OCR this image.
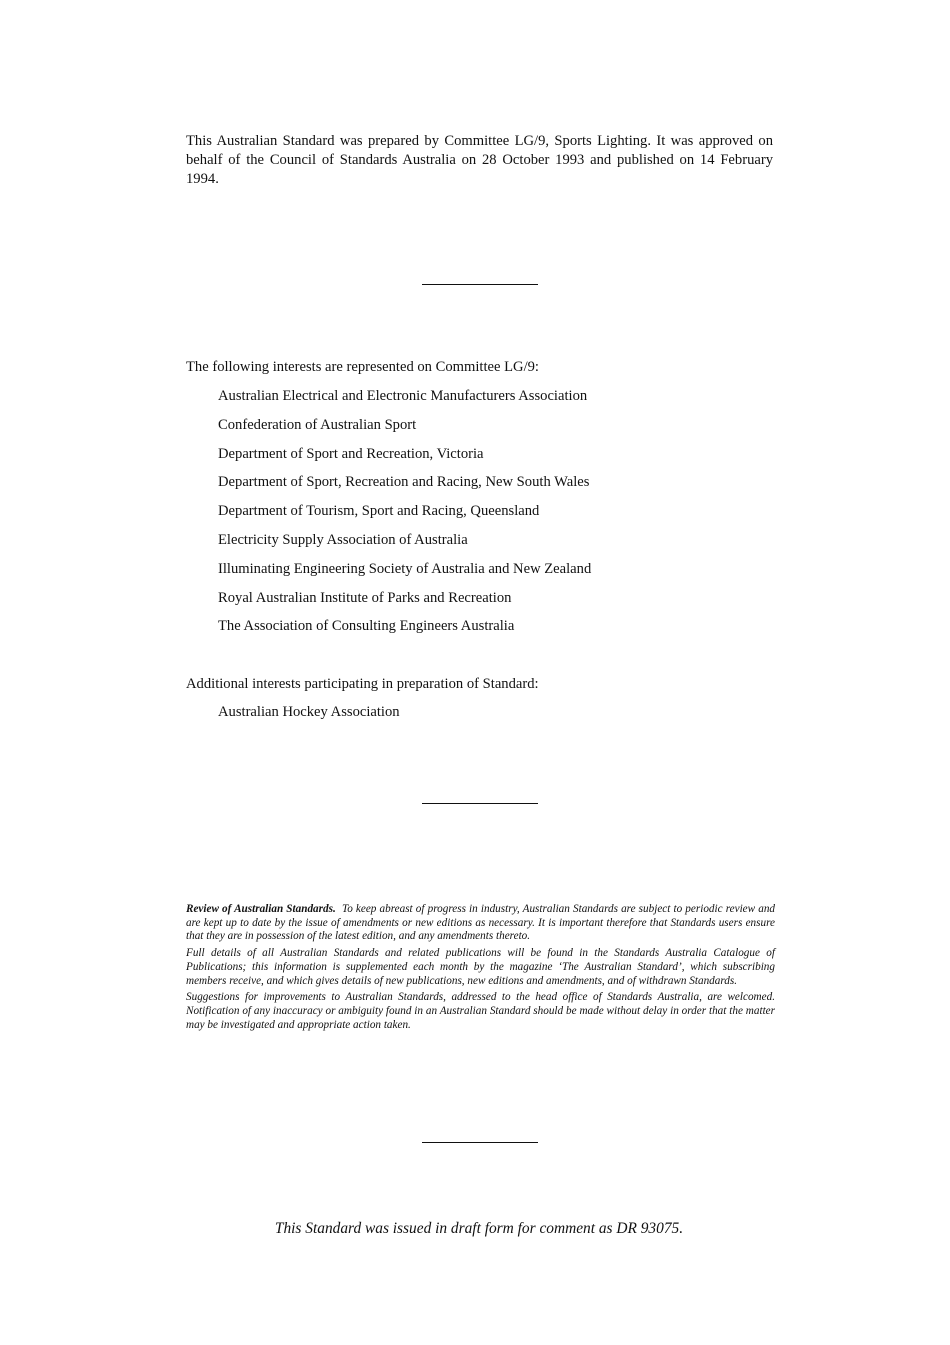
This Australian Standard was prepared by Committee LG/9, Sports Lighting. It was approved on behalf of the Council of Standards Australia on 28 October 1993 and published on 14 February 1994.
The following interests are represented on Committee LG/9:
Australian Electrical and Electronic Manufacturers Association
Confederation of Australian Sport
Department of Sport and Recreation, Victoria
Department of Sport, Recreation and Racing, New South Wales
Department of Tourism, Sport and Racing, Queensland
Electricity Supply Association of Australia
Illuminating Engineering Society of Australia and New Zealand
Royal Australian Institute of Parks and Recreation
The Association of Consulting Engineers Australia
Additional interests participating in preparation of Standard:
Australian Hockey Association

Review of Australian Standards. To keep abreast of progress in industry, Australian Standards are subject to periodic review and are kept up to date by the issue of amendments or new editions as necessary. It is important therefore that Standards users ensure that they are in possession of the latest edition, and any amendments thereto.

Full details of all Australian Standards and related publications will be found in the Standards Australia Catalogue of Publications; this information is supplemented each month by the magazine ‘The Australian Standard’, which subscribing members receive, and which gives details of new publications, new editions and amendments, and of withdrawn Standards.

Suggestions for improvements to Australian Standards, addressed to the head office of Standards Australia, are welcomed. Notification of any inaccuracy or ambiguity found in an Australian Standard should be made without delay in order that the matter may be investigated and appropriate action taken.

This Standard was issued in draft form for comment as DR 93075.
